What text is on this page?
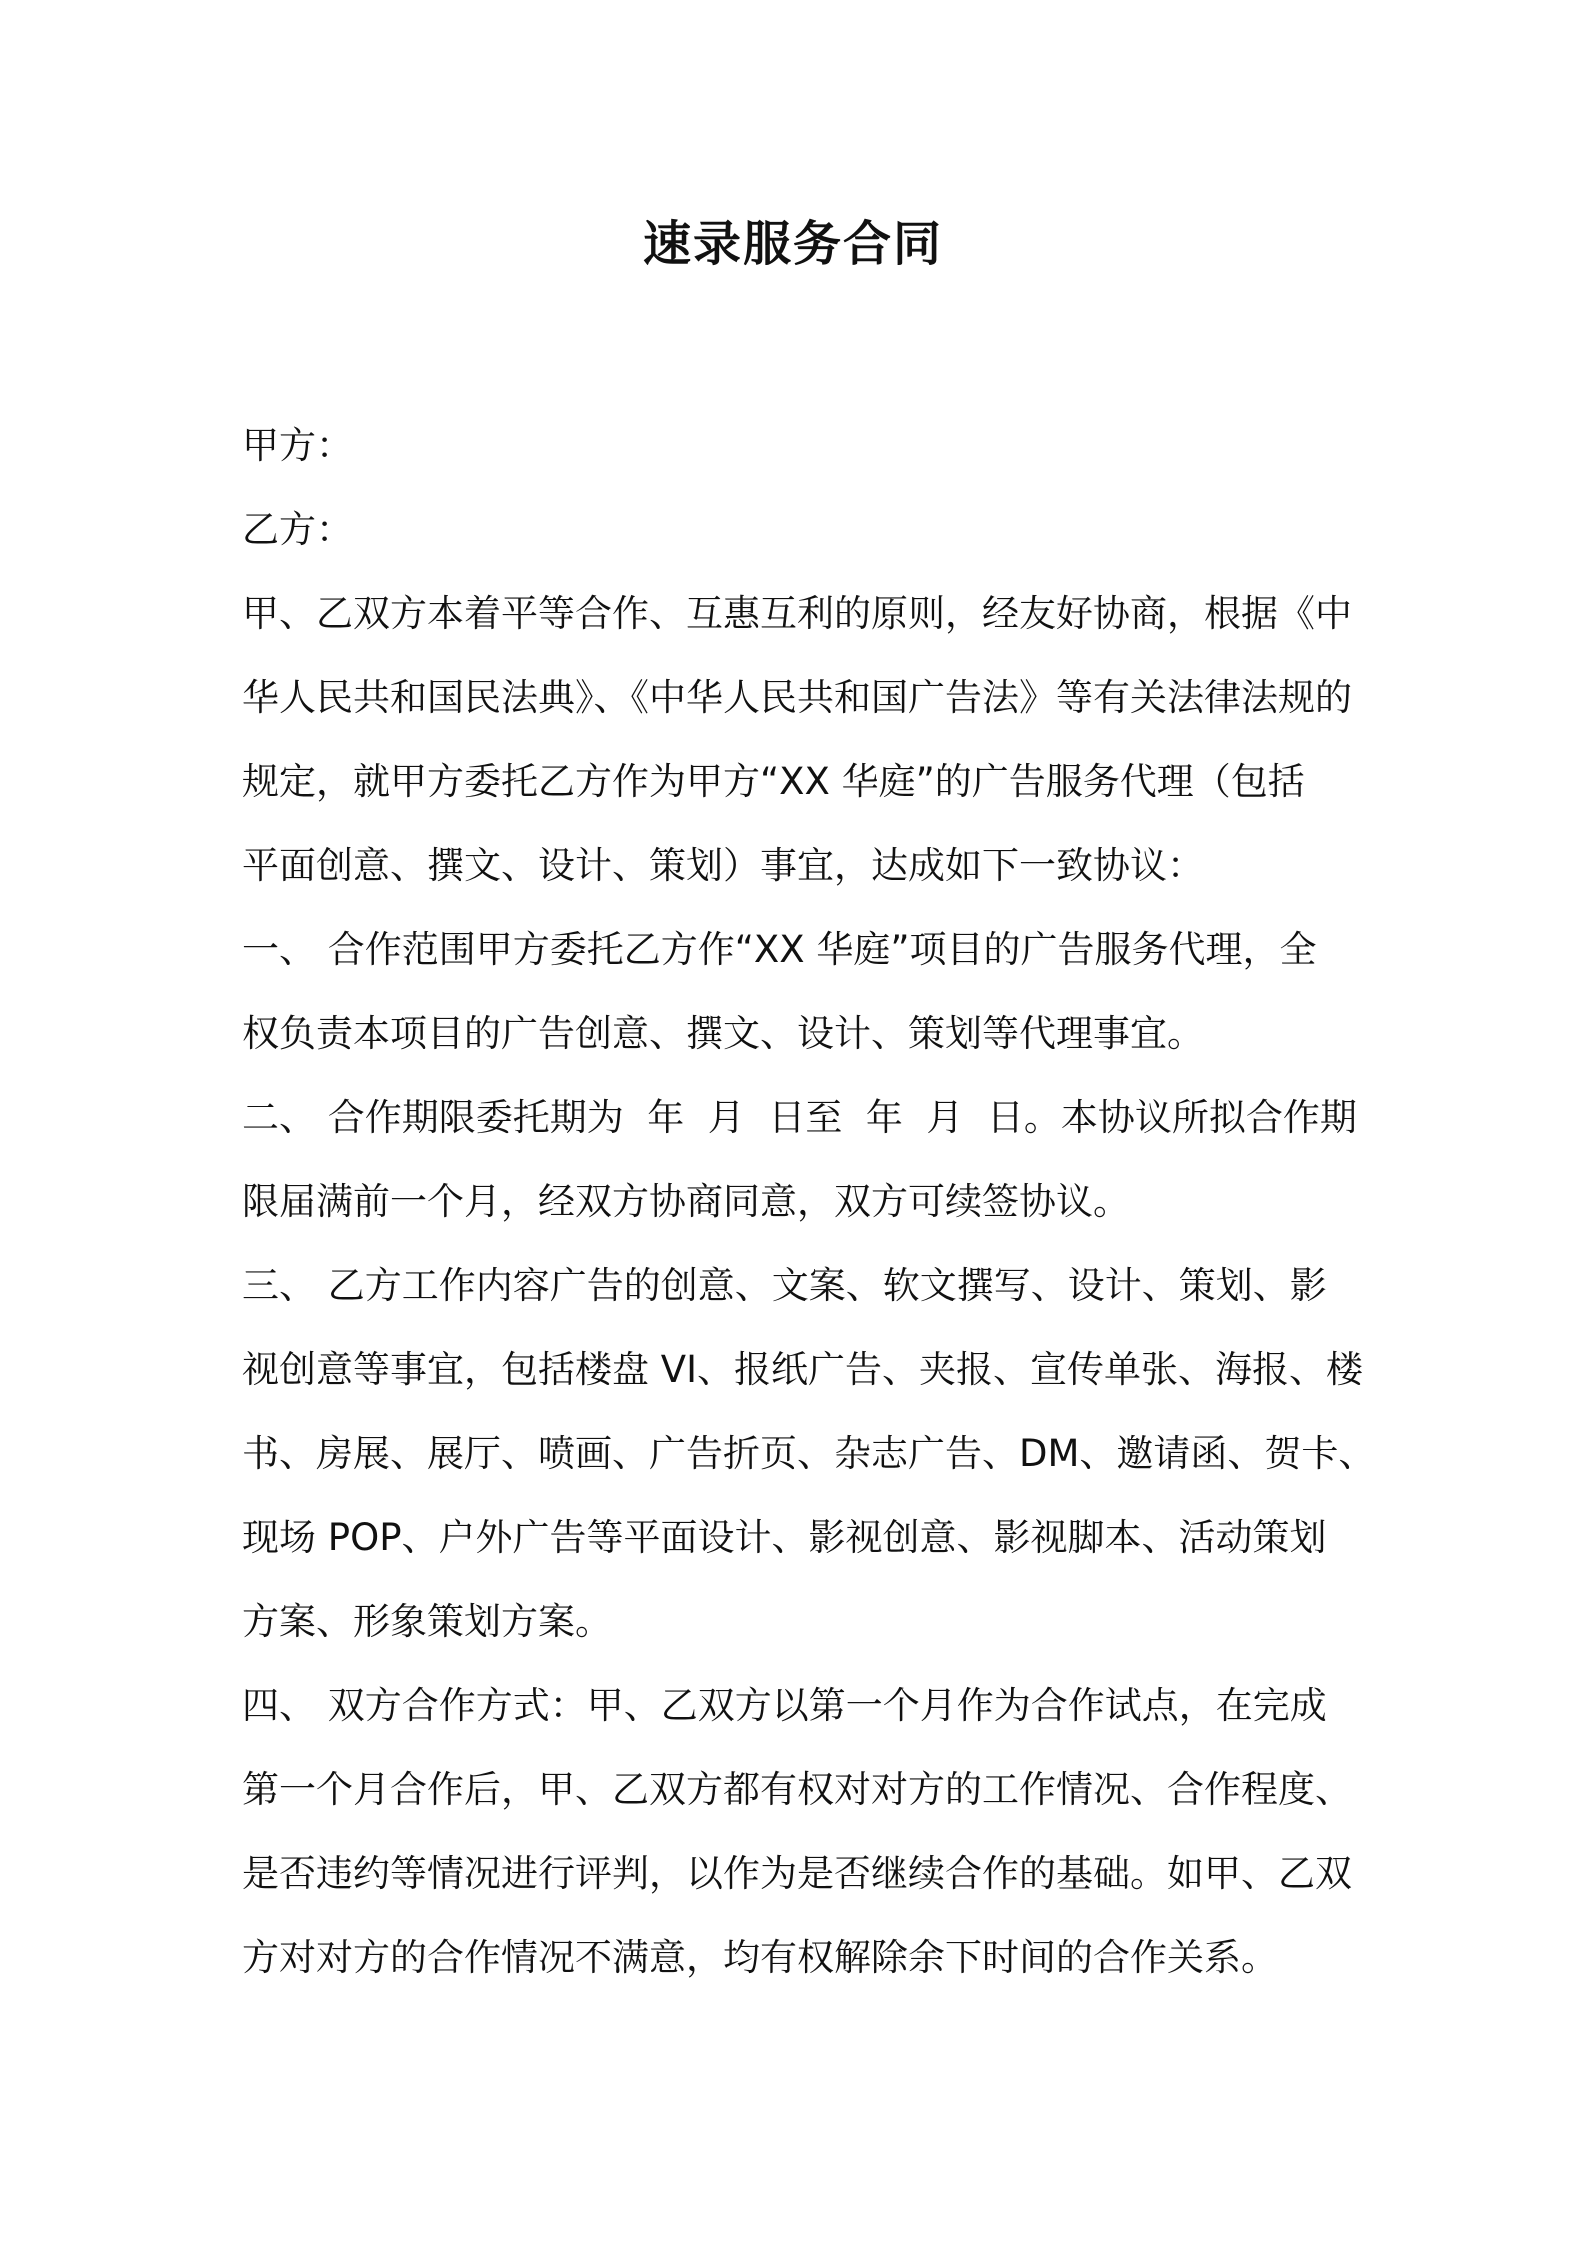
速录服务合同
甲方：
乙方：
甲、乙双方本着平等合作、互惠互利的原则，经友好协商，根据《中
华人民共和国民法典》、《中华人民共和国广告法》等有关法律法规的
规定，就甲方委托乙方作为甲方“XX 华庭”的广告服务代理（包括
平面创意、撰文、设计、策划）事宜，达成如下一致协议：
一、 合作范围甲方委托乙方作“XX 华庭”项目的广告服务代理，全
权负责本项目的广告创意、撰文、设计、策划等代理事宜。
二、 合作期限委托期为  年  月  日至  年  月  日。本协议所拟合作期
限届满前一个月，经双方协商同意，双方可续签协议。
三、 乙方工作内容广告的创意、文案、软文撰写、设计、策划、影
视创意等事宜，包括楼盘 VI、报纸广告、夹报、宣传单张、海报、楼
书、房展、展厅、喷画、广告折页、杂志广告、DM、邀请函、贺卡、
现场 POP、户外广告等平面设计、影视创意、影视脚本、活动策划
方案、形象策划方案。
四、 双方合作方式：甲、乙双方以第一个月作为合作试点，在完成
第一个月合作后，甲、乙双方都有权对对方的工作情况、合作程度、
是否违约等情况进行评判，以作为是否继续合作的基础。如甲、乙双
方对对方的合作情况不满意，均有权解除余下时间的合作关系。
